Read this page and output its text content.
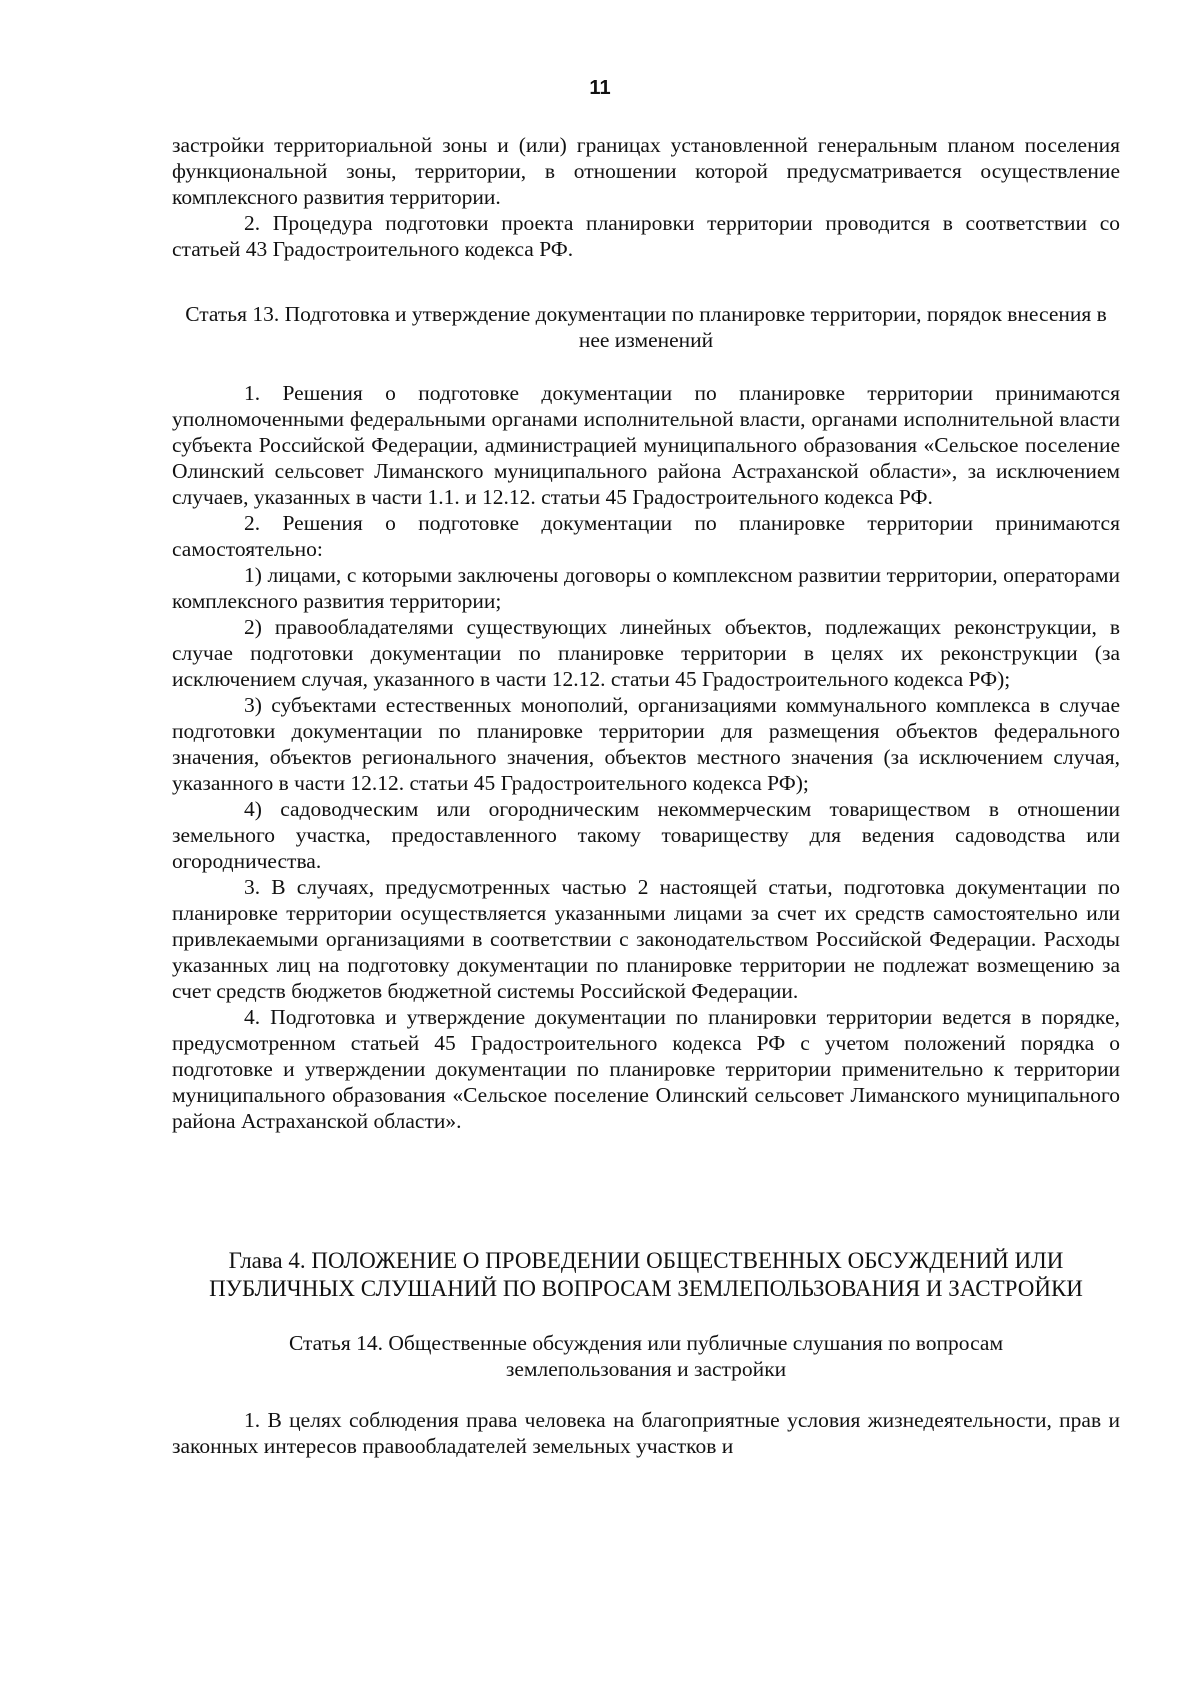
11

застройки территориальной зоны и (или) границах установленной генеральным планом поселения функциональной зоны, территории, в отношении которой предусматривается осуществление комплексного развития территории.

2. Процедура подготовки проекта планировки территории проводится в соответствии со статьей 43 Градостроительного кодекса РФ.

Статья 13. Подготовка и утверждение документации по планировке территории, порядок внесения в нее изменений

1. Решения о подготовке документации по планировке территории принимаются уполномоченными федеральными органами исполнительной власти, органами исполнительной власти субъекта Российской Федерации, администрацией муниципального образования «Сельское поселение Олинский сельсовет Лиманского муниципального района Астраханской области», за исключением случаев, указанных в части 1.1. и 12.12. статьи 45 Градостроительного кодекса РФ.

2. Решения о подготовке документации по планировке территории принимаются самостоятельно:

1) лицами, с которыми заключены договоры о комплексном развитии территории, операторами комплексного развития территории;

2) правообладателями существующих линейных объектов, подлежащих реконструкции, в случае подготовки документации по планировке территории в целях их реконструкции (за исключением случая, указанного в части 12.12. статьи 45 Градостроительного кодекса РФ);

3) субъектами естественных монополий, организациями коммунального комплекса в случае подготовки документации по планировке территории для размещения объектов федерального значения, объектов регионального значения, объектов местного значения (за исключением случая, указанного в части 12.12. статьи 45 Градостроительного кодекса РФ);

4) садоводческим или огородническим некоммерческим товариществом в отношении земельного участка, предоставленного такому товариществу для ведения садоводства или огородничества.

3. В случаях, предусмотренных частью 2 настоящей статьи, подготовка документации по планировке территории осуществляется указанными лицами за счет их средств самостоятельно или привлекаемыми организациями в соответствии с законодательством Российской Федерации. Расходы указанных лиц на подготовку документации по планировке территории не подлежат возмещению за счет средств бюджетов бюджетной системы Российской Федерации.

4. Подготовка и утверждение документации по планировки территории ведется в порядке, предусмотренном статьей 45 Градостроительного кодекса РФ с учетом положений порядка о подготовке и утверждении документации по планировке территории применительно к территории муниципального образования «Сельское поселение Олинский сельсовет Лиманского муниципального района Астраханской области».

Глава 4. ПОЛОЖЕНИЕ О ПРОВЕДЕНИИ ОБЩЕСТВЕННЫХ ОБСУЖДЕНИЙ ИЛИ
ПУБЛИЧНЫХ СЛУШАНИЙ ПО ВОПРОСАМ ЗЕМЛЕПОЛЬЗОВАНИЯ И ЗАСТРОЙКИ
Статья 14. Общественные обсуждения или публичные слушания по вопросам
землепользования и застройки

1. В целях соблюдения права человека на благоприятные условия жизнедеятельности, прав и законных интересов правообладателей земельных участков и
